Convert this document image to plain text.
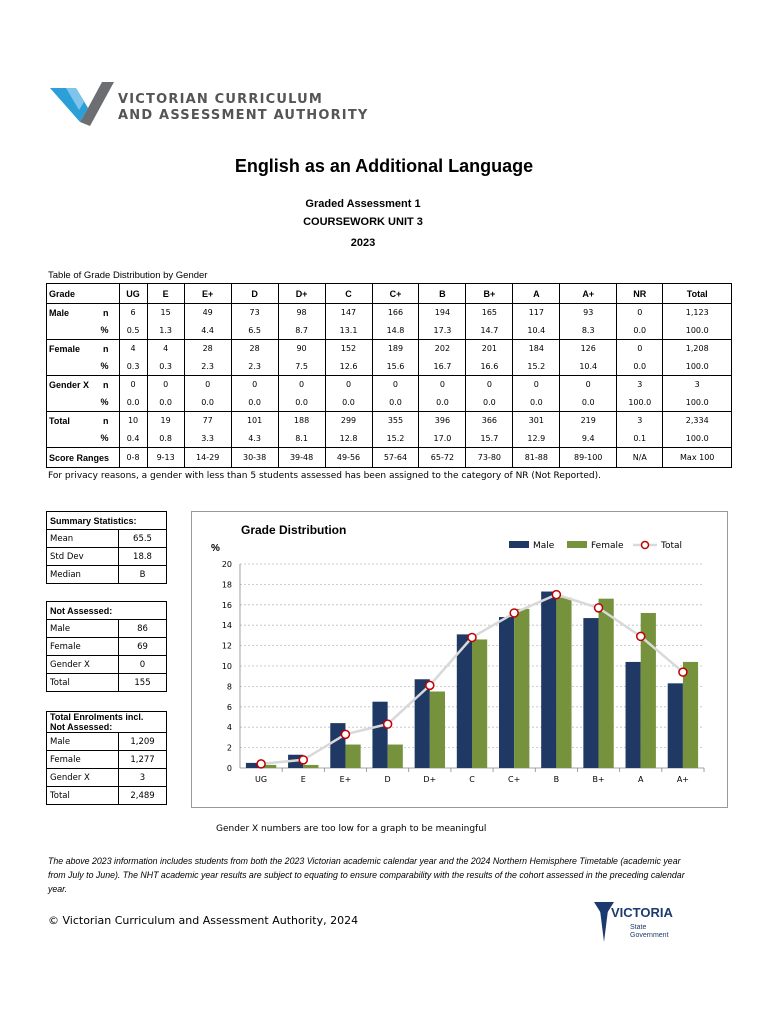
VICTORIAN CURRICULUM
AND ASSESSMENT AUTHORITY
English as an Additional Language
Graded Assessment 1
COURSEWORK UNIT 3
2023
Table of Grade Distribution by Gender
Grade		UG	E	E+	D	D+	C	C+	B	B+	A	A+	NR	Total
Male	n	6	15	49	73	98	147	166	194	165	117	93	0	1,123
	%	0.5	1.3	4.4	6.5	8.7	13.1	14.8	17.3	14.7	10.4	8.3	0.0	100.0
Female	n	4	4	28	28	90	152	189	202	201	184	126	0	1,208
	%	0.3	0.3	2.3	2.3	7.5	12.6	15.6	16.7	16.6	15.2	10.4	0.0	100.0
Gender X	n	0	0	0	0	0	0	0	0	0	0	0	3	3
	%	0.0	0.0	0.0	0.0	0.0	0.0	0.0	0.0	0.0	0.0	0.0	100.0	100.0
Total	n	10	19	77	101	188	299	355	396	366	301	219	3	2,334
	%	0.4	0.8	3.3	4.3	8.1	12.8	15.2	17.0	15.7	12.9	9.4	0.1	100.0
Score Ranges		0-8	9-13	14-29	30-38	39-48	49-56	57-64	65-72	73-80	81-88	89-100	N/A	Max 100
For privacy reasons, a gender with less than 5 students assessed has been assigned to the category of NR (Not Reported).
Summary Statistics:	
Mean	65.5
Std Dev	18.8
Median	B
Not Assessed:	
Male	86
Female	69
Gender X	0
Total	155
Total Enrolments incl.
Not Assessed:	
Male	1,209
Female	1,277
Gender X	3
Total	2,489
Grade Distribution
%
0
2
4
6
8
10
12
14
16
18
20
UG	E	E+	D	D+	C	C+	B	B+	A	A+
Male	Female	Total
Gender X numbers are too low for a graph to be meaningful
The above 2023 information includes students from both the 2023 Victorian academic calendar year and the 2024 Northern Hemisphere Timetable (academic year from July to June). The NHT academic year results are subject to equating to ensure comparability with the results of the cohort assessed in the preceding calendar year.
© Victorian Curriculum and Assessment Authority, 2024
VICTORIA
State
Government
